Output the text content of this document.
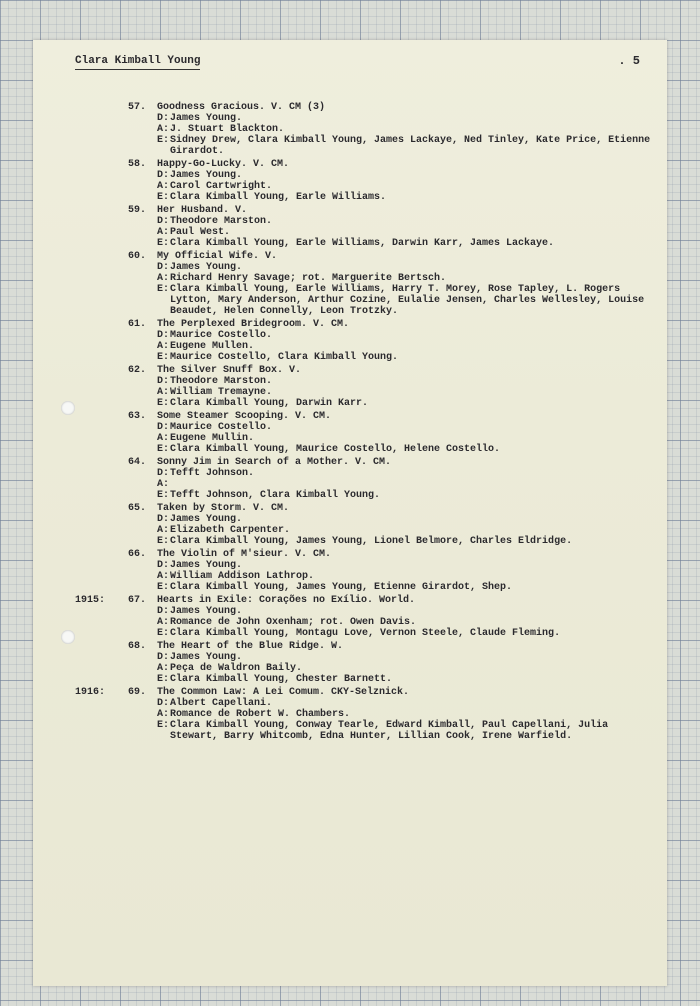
Clara Kimball Young	. 5
57. Goodness Gracious. V. CM (3)
D: James Young.
A: J. Stuart Blackton.
E: Sidney Drew, Clara Kimball Young, James Lackaye, Ned Tinley, Kate Price, Etienne Girardot.
58. Happy-Go-Lucky. V. CM.
D: James Young.
A: Carol Cartwright.
E: Clara Kimball Young, Earle Williams.
59. Her Husband. V.
D: Theodore Marston.
A: Paul West.
E: Clara Kimball Young, Earle Williams, Darwin Karr, James Lackaye.
60. My Official Wife. V.
D: James Young.
A: Richard Henry Savage; rot. Marguerite Bertsch.
E: Clara Kimball Young, Earle Williams, Harry T. Morey, Rose Tapley, L. Rogers Lytton, Mary Anderson, Arthur Cozine, Eulalie Jensen, Charles Wellesley, Louise Beaudet, Helen Connelly, Leon Trotzky.
61. The Perplexed Bridegroom. V. CM.
D: Maurice Costello.
A: Eugene Mullen.
E: Maurice Costello, Clara Kimball Young.
62. The Silver Snuff Box. V.
D: Theodore Marston.
A: William Tremayne.
E: Clara Kimball Young, Darwin Karr.
63. Some Steamer Scooping. V. CM.
D: Maurice Costello.
A: Eugene Mullin.
E: Clara Kimball Young, Maurice Costello, Helene Costello.
64. Sonny Jim in Search of a Mother. V. CM.
D: Tefft Johnson.
A:
E: Tefft Johnson, Clara Kimball Young.
65. Taken by Storm. V. CM.
D: James Young.
A: Elizabeth Carpenter.
E: Clara Kimball Young, James Young, Lionel Belmore, Charles Eldridge.
66. The Violin of M'sieur. V. CM.
D: James Young.
A: William Addison Lathrop.
E: Clara Kimball Young, James Young, Etienne Girardot, Shep.
1915: 67. Hearts in Exile: Corações no Exílio. World.
D: James Young.
A: Romance de John Oxenham; rot. Owen Davis.
E: Clara Kimball Young, Montagu Love, Vernon Steele, Claude Fleming.
68. The Heart of the Blue Ridge. W.
D: James Young.
A: Peça de Waldron Baily.
E: Clara Kimball Young, Chester Barnett.
1916: 69. The Common Law: A Lei Comum. CKY-Selznick.
D: Albert Capellani.
A: Romance de Robert W. Chambers.
E: Clara Kimball Young, Conway Tearle, Edward Kimball, Paul Capellani, Julia Stewart, Barry Whitcomb, Edna Hunter, Lillian Cook, Irene Warfield.
